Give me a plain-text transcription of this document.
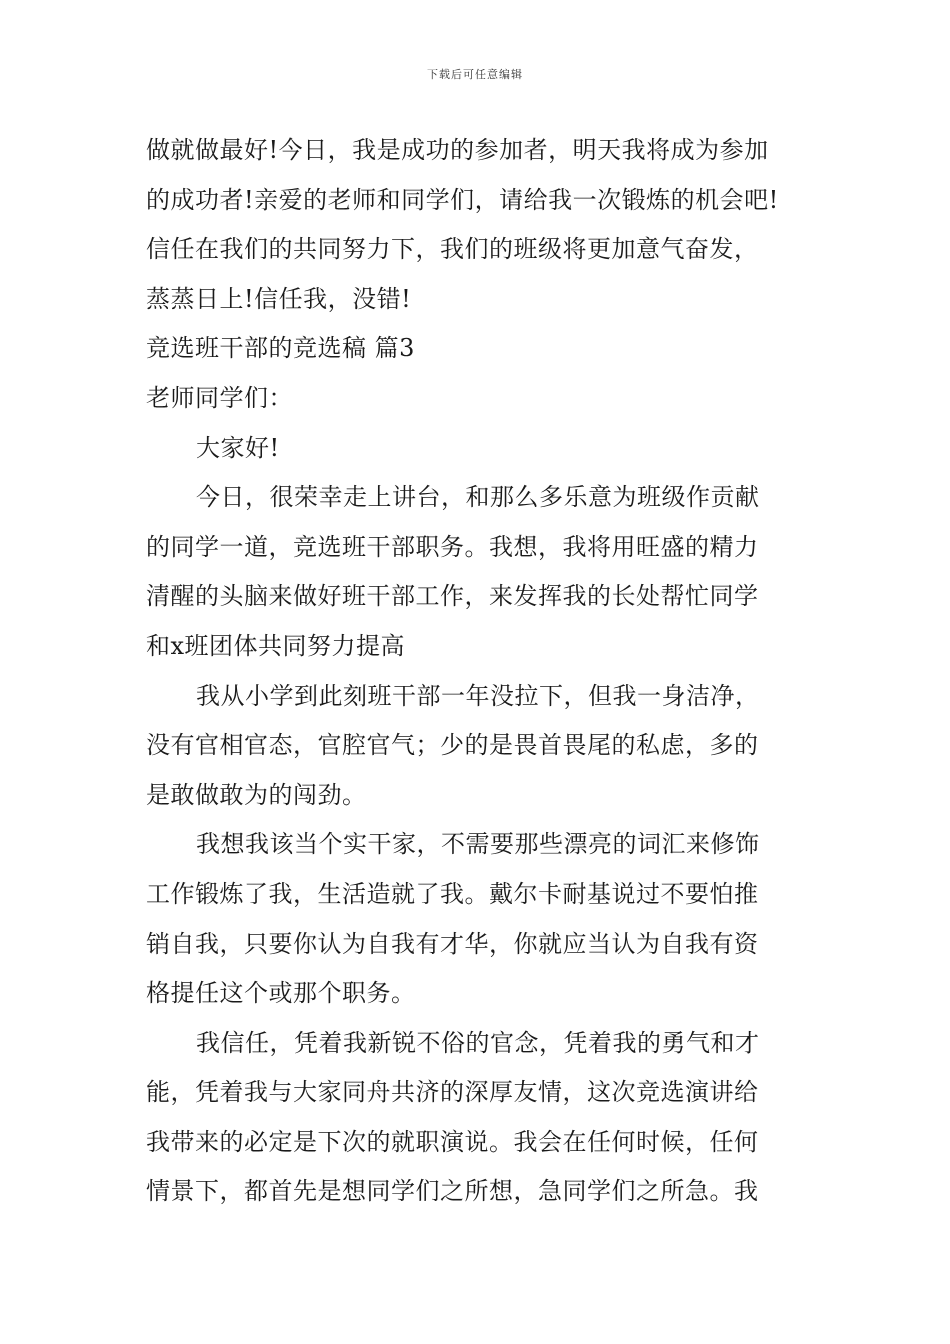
下载后可任意编辑
做就做最好!今日，我是成功的参加者，明天我将成为参加
的成功者!亲爱的老师和同学们，请给我一次锻炼的机会吧!
信任在我们的共同努力下，我们的班级将更加意气奋发，
蒸蒸日上!信任我，没错!
竞选班干部的竞选稿 篇3
老师同学们：
大家好!
今日，很荣幸走上讲台，和那么多乐意为班级作贡献
的同学一道，竞选班干部职务。我想，我将用旺盛的精力
清醒的头脑来做好班干部工作，来发挥我的长处帮忙同学
和x班团体共同努力提高
我从小学到此刻班干部一年没拉下，但我一身洁净，
没有官相官态，官腔官气；少的是畏首畏尾的私虑，多的
是敢做敢为的闯劲。
我想我该当个实干家，不需要那些漂亮的词汇来修饰
工作锻炼了我，生活造就了我。戴尔卡耐基说过不要怕推
销自我，只要你认为自我有才华，你就应当认为自我有资
格提任这个或那个职务。
我信任，凭着我新锐不俗的官念，凭着我的勇气和才
能，凭着我与大家同舟共济的深厚友情，这次竞选演讲给
我带来的必定是下次的就职演说。我会在任何时候，任何
情景下，都首先是想同学们之所想，急同学们之所急。我
